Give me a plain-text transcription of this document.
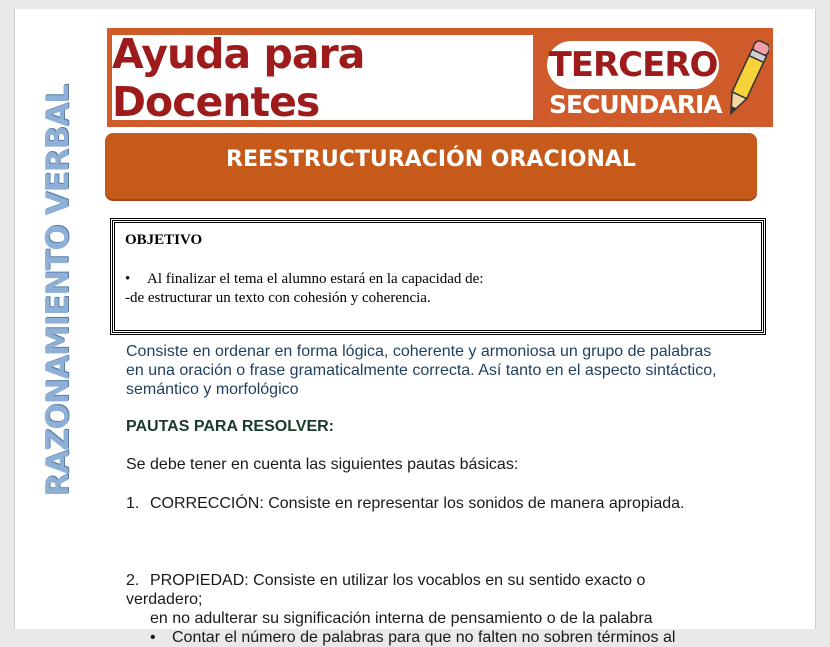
RAZONAMIENTO VERBAL
Ayuda para Docentes
TERCERO
SECUNDARIA
REESTRUCTURACIÓN ORACIONAL
OBJETIVO
• Al finalizar el tema el alumno estará en la capacidad de:
-de estructurar un texto con cohesión y coherencia.
Consiste en ordenar en forma lógica, coherente y armoniosa un grupo de palabras en una oración o frase gramaticalmente correcta. Así tanto en el aspecto sintáctico, semántico y morfológico
PAUTAS PARA RESOLVER:
Se debe tener en cuenta las siguientes pautas básicas:
1. CORRECCIÓN: Consiste en representar los sonidos de manera apropiada.
2. PROPIEDAD: Consiste en utilizar los vocablos en su sentido exacto o verdadero;
en no adulterar su significación interna de pensamiento o de la palabra
• Contar el número de palabras para que no falten no sobren términos al
